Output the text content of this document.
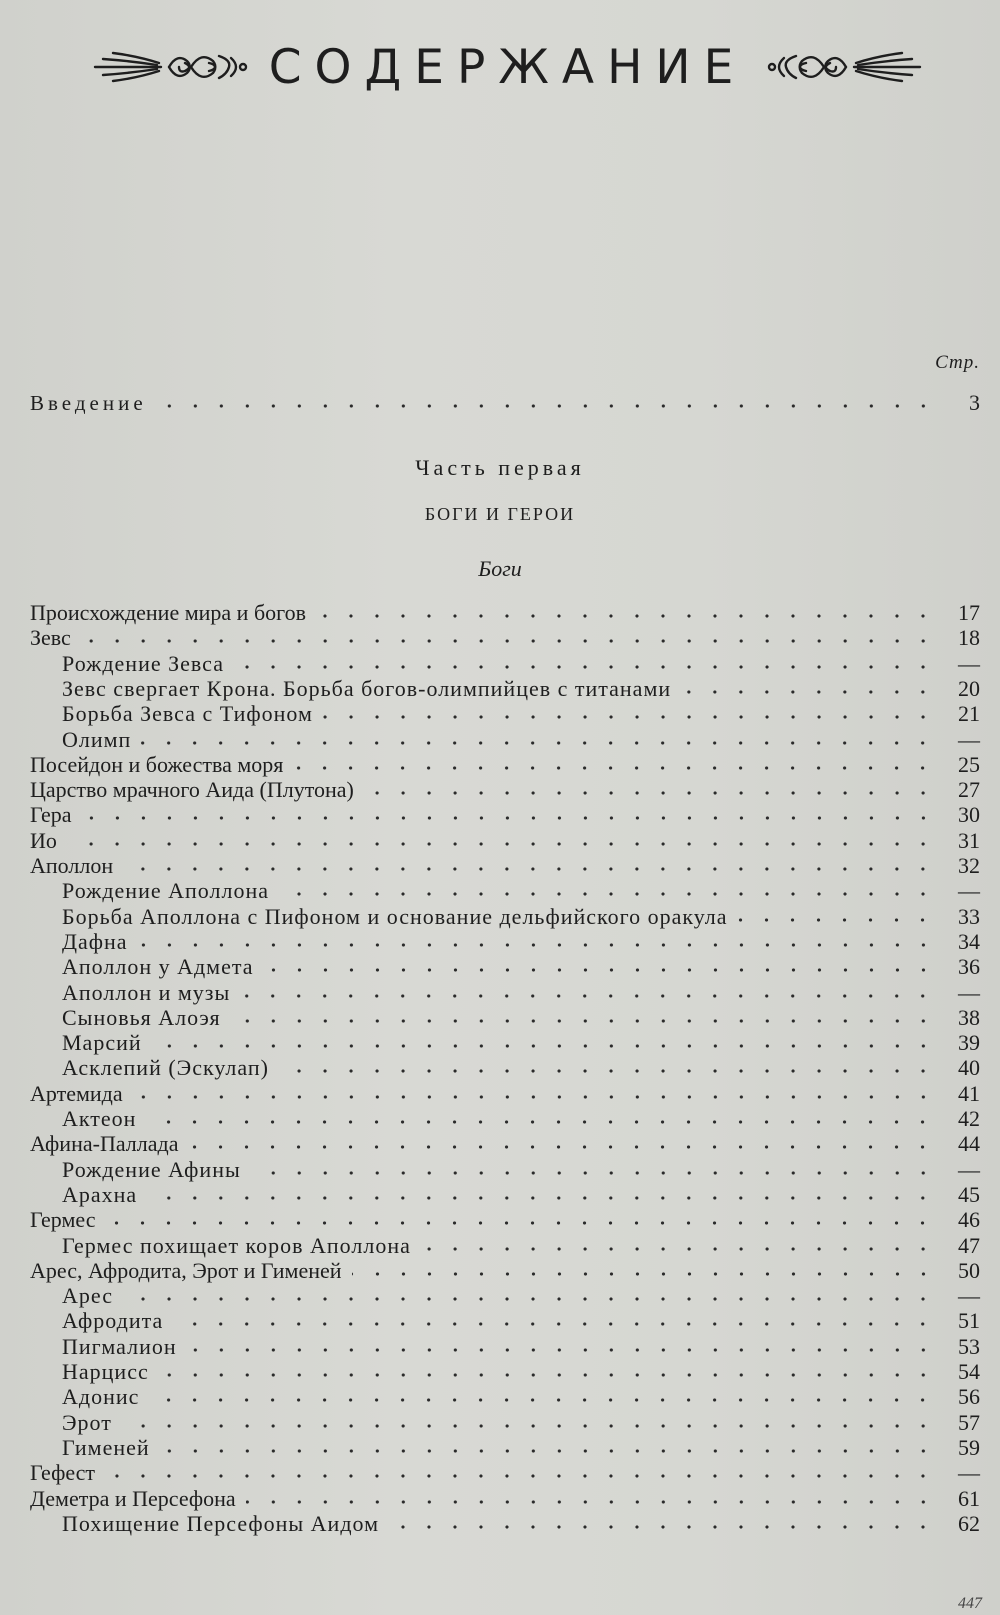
СОДЕРЖАНИЕ
Стр.
Введение	3
Часть первая
БОГИ И ГЕРОИ
Боги
Происхождение мира и богов	17
Зевс	18
Рождение Зевса	—
Зевс свергает Крона. Борьба богов-олимпийцев с титанами	20
Борьба Зевса с Тифоном	21
Олимп	—
Посейдон и божества моря	25
Царство мрачного Аида (Плутона)	27
Гера	30
Ио	31
Аполлон	32
Рождение Аполлона	—
Борьба Аполлона с Пифоном и основание дельфийского оракула	33
Дафна	34
Аполлон у Адмета	36
Аполлон и музы	—
Сыновья Алоэя	38
Марсий	39
Асклепий (Эскулап)	40
Артемида	41
Актеон	42
Афина-Паллада	44
Рождение Афины	—
Арахна	45
Гермес	46
Гермес похищает коров Аполлона	47
Арес, Афродита, Эрот и Гименей	50
Арес	—
Афродита	51
Пигмалион	53
Нарцисс	54
Адонис	56
Эрот	57
Гименей	59
Гефест	—
Деметра и Персефона	61
Похищение Персефоны Аидом	62
447
